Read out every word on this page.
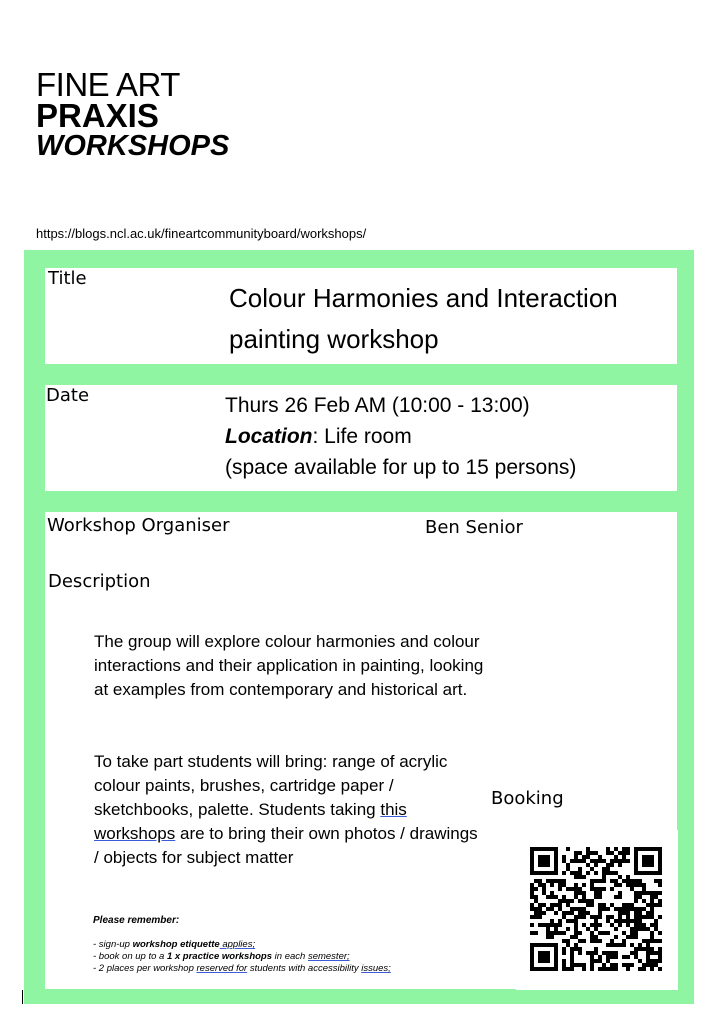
FINE ART
PRAXIS
WORKSHOPS
https://blogs.ncl.ac.uk/fineartcommunityboard/workshops/
Title
Colour Harmonies and Interaction painting workshop
Date	Thurs 26 Feb AM (10:00 - 13:00)
Location: Life room
(space available for up to 15 persons)
Workshop Organiser	Ben Senior
Description
The group will explore colour harmonies and colour interactions and their application in painting, looking at examples from contemporary and historical art.
To take part students will bring: range of acrylic colour paints, brushes, cartridge paper / sketchbooks, palette. Students taking this workshops are to bring their own photos / drawings / objects for subject matter
Please remember:
- sign-up workshop etiquette applies;
- book on up to a 1 x practice workshops in each semester;
- 2 places per workshop reserved for students with accessibility issues;
Booking
